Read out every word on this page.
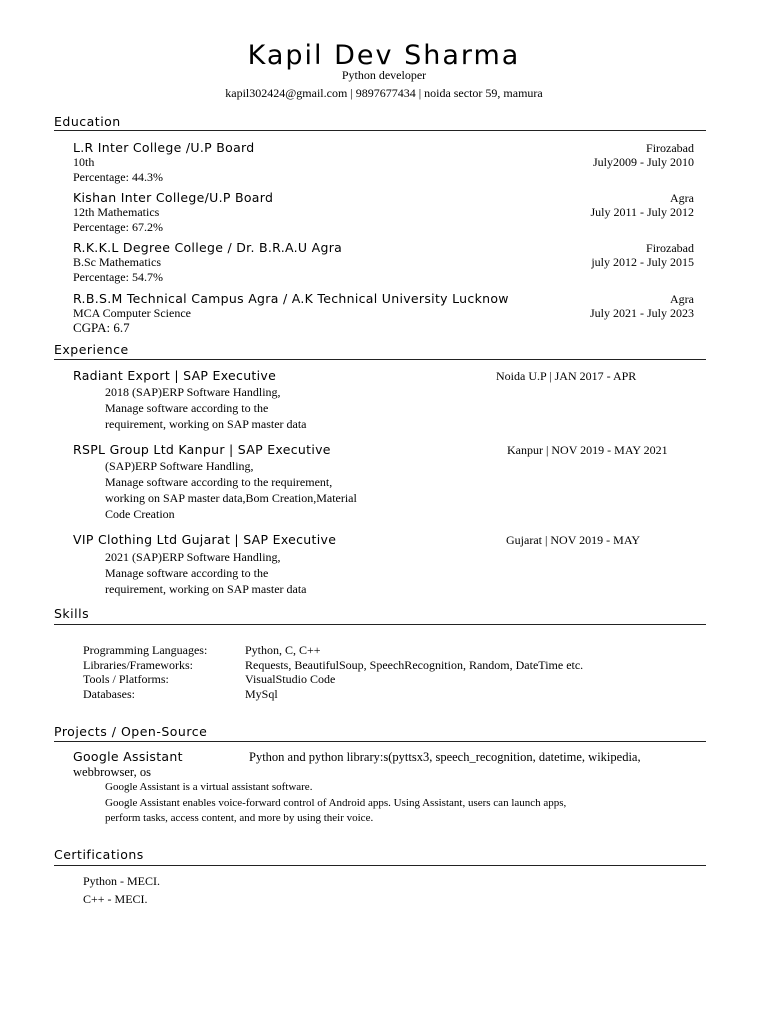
Kapil Dev Sharma
Python developer
kapil302424@gmail.com | 9897677434 | noida sector 59, mamura
Education
L.R Inter College /U.P Board	Firozabad
10th	July2009 - July 2010
Percentage: 44.3%
Kishan Inter College/U.P Board	Agra
12th Mathematics	July 2011 - July 2012
Percentage: 67.2%
R.K.K.L Degree College / Dr. B.R.A.U Agra	Firozabad
B.Sc Mathematics	july 2012 - July 2015
Percentage: 54.7%
R.B.S.M Technical Campus Agra / A.K Technical University Lucknow	Agra
MCA Computer Science	July 2021 - July 2023
CGPA: 6.7
Experience
Radiant Export | SAP Executive	Noida U.P | JAN 2017 - APR
2018 (SAP)ERP Software Handling,
Manage software according to the
requirement, working on SAP master data
RSPL Group Ltd Kanpur | SAP Executive	Kanpur | NOV 2019 - MAY 2021
(SAP)ERP Software Handling,
Manage software according to the requirement,
working on SAP master data,Bom Creation,Material
Code Creation
VIP Clothing Ltd Gujarat | SAP Executive	Gujarat | NOV 2019 - MAY
2021 (SAP)ERP Software Handling,
Manage software according to the
requirement, working on SAP master data
Skills
Programming Languages:	Python, C, C++
Libraries/Frameworks:	Requests, BeautifulSoup, SpeechRecognition, Random, DateTime etc.
Tools / Platforms:	VisualStudio Code
Databases:	MySql
Projects / Open-Source
Google Assistant	Python and python library:s(pyttsx3, speech_recognition, datetime, wikipedia,
webbrowser, os
Google Assistant is a virtual assistant software.
Google Assistant enables voice-forward control of Android apps. Using Assistant, users can launch apps,
perform tasks, access content, and more by using their voice.
Certifications
Python - MECI.
C++ - MECI.
